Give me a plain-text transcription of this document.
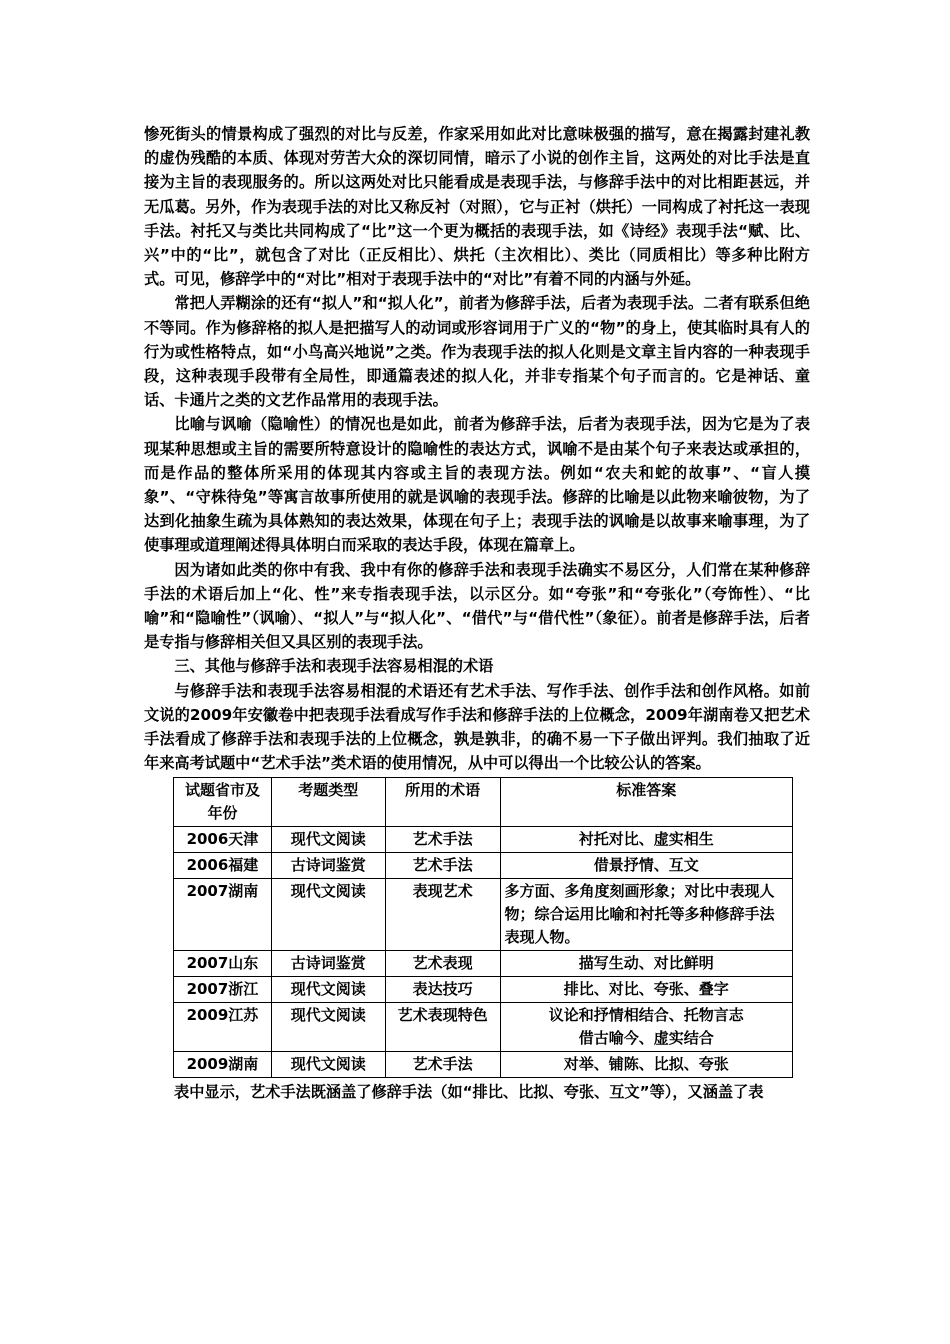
惨死街头的情景构成了强烈的对比与反差，作家采用如此对比意味极强的描写，意在揭露封建礼教的虚伪残酷的本质、体现对劳苦大众的深切同情，暗示了小说的创作主旨，这两处的对比手法是直接为主旨的表现服务的。所以这两处对比只能看成是表现手法，与修辞手法中的对比相距甚远，并无瓜葛。另外，作为表现手法的对比又称反衬（对照），它与正衬（烘托）一同构成了衬托这一表现手法。衬托又与类比共同构成了“比”这一个更为概括的表现手法，如《诗经》表现手法“赋、比、兴”中的“比”，就包含了对比（正反相比）、烘托（主次相比）、类比（同质相比）等多种比附方式。可见，修辞学中的“对比”相对于表现手法中的“对比”有着不同的内涵与外延。

常把人弄糊涂的还有“拟人”和“拟人化”，前者为修辞手法，后者为表现手法。二者有联系但绝不等同。作为修辞格的拟人是把描写人的动词或形容词用于广义的“物”的身上，使其临时具有人的行为或性格特点，如“小鸟高兴地说”之类。作为表现手法的拟人化则是文章主旨内容的一种表现手段，这种表现手段带有全局性，即通篇表述的拟人化，并非专指某个句子而言的。它是神话、童话、卡通片之类的文艺作品常用的表现手法。

比喻与讽喻（隐喻性）的情况也是如此，前者为修辞手法，后者为表现手法，因为它是为了表现某种思想或主旨的需要所特意设计的隐喻性的表达方式，讽喻不是由某个句子来表达或承担的，而是作品的整体所采用的体现其内容或主旨的表现方法。例如“农夫和蛇的故事”、“盲人摸象”、“守株待兔”等寓言故事所使用的就是讽喻的表现手法。修辞的比喻是以此物来喻彼物，为了达到化抽象生疏为具体熟知的表达效果，体现在句子上；表现手法的讽喻是以故事来喻事理，为了使事理或道理阐述得具体明白而采取的表达手段，体现在篇章上。

因为诸如此类的你中有我、我中有你的修辞手法和表现手法确实不易区分，人们常在某种修辞手法的术语后加上“化、性”来专指表现手法，以示区分。如“夸张”和“夸张化”（夸饰性）、“比喻”和“隐喻性”（讽喻）、“拟人”与“拟人化”、“借代”与“借代性”（象征）。前者是修辞手法，后者是专指与修辞相关但又具区别的表现手法。

三、其他与修辞手法和表现手法容易相混的术语

与修辞手法和表现手法容易相混的术语还有艺术手法、写作手法、创作手法和创作风格。如前文说的2009年安徽卷中把表现手法看成写作手法和修辞手法的上位概念，2009年湖南卷又把艺术手法看成了修辞手法和表现手法的上位概念，孰是孰非，的确不易一下子做出评判。我们抽取了近年来高考试题中“艺术手法”类术语的使用情况，从中可以得出一个比较公认的答案。

试题省市及年份	考题类型	所用的术语	标准答案
2006天津	现代文阅读	艺术手法	衬托对比、虚实相生
2006福建	古诗词鉴赏	艺术手法	借景抒情、互文
2007湖南	现代文阅读	表现艺术	多方面、多角度刻画形象；对比中表现人物；综合运用比喻和衬托等多种修辞手法表现人物。
2007山东	古诗词鉴赏	艺术表现	描写生动、对比鲜明
2007浙江	现代文阅读	表达技巧	排比、对比、夸张、叠字
2009江苏	现代文阅读	艺术表现特色	议论和抒情相结合、托物言志
借古喻今、虚实结合

2009湖南	现代文阅读	艺术手法	对举、铺陈、比拟、夸张

表中显示，艺术手法既涵盖了修辞手法（如“排比、比拟、夸张、互文”等），又涵盖了表
